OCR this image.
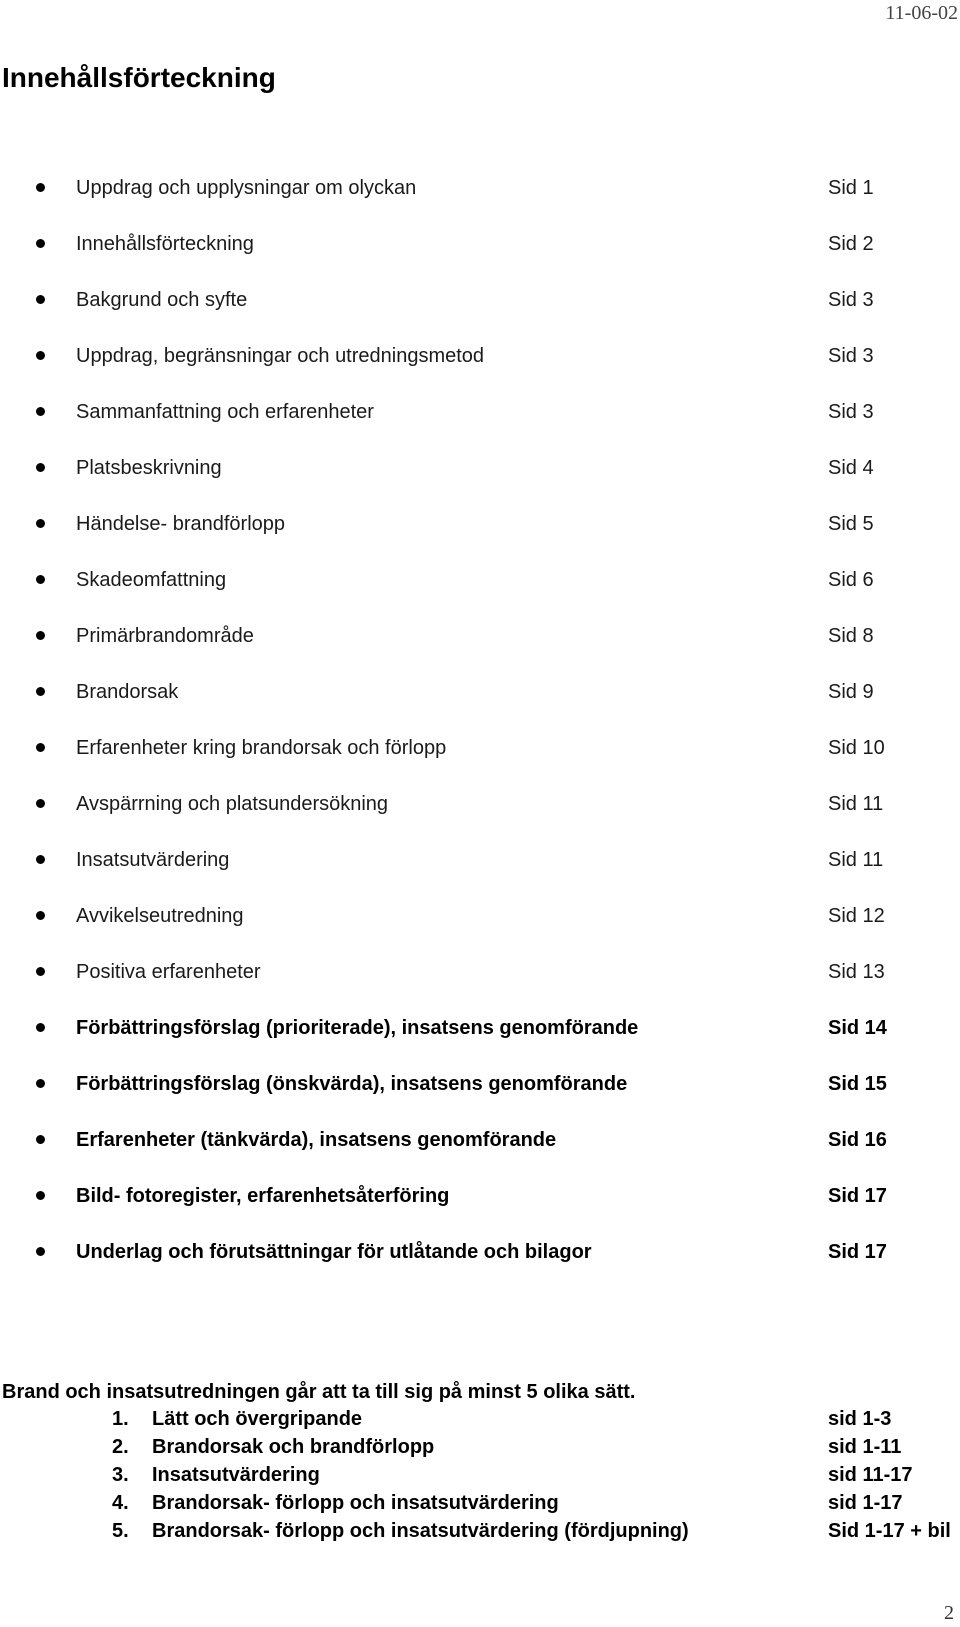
11-06-02
Innehållsförteckning
Uppdrag och upplysningar om olyckan	Sid 1
Innehållsförteckning	Sid 2
Bakgrund och syfte	Sid 3
Uppdrag, begränsningar och utredningsmetod	Sid 3
Sammanfattning och erfarenheter	Sid 3
Platsbeskrivning	Sid 4
Händelse- brandförlopp	Sid 5
Skadeomfattning	Sid 6
Primärbrandområde	Sid 8
Brandorsak	Sid 9
Erfarenheter kring brandorsak och förlopp	Sid 10
Avspärrning och platsundersökning	Sid 11
Insatsutvärdering	Sid 11
Avvikelseutredning	Sid 12
Positiva erfarenheter	Sid 13
Förbättringsförslag (prioriterade), insatsens genomförande	Sid 14
Förbättringsförslag (önskvärda), insatsens genomförande	Sid 15
Erfarenheter (tänkvärda), insatsens genomförande	Sid 16
Bild- fotoregister, erfarenhetsåterföring	Sid 17
Underlag och förutsättningar för utlåtande och bilagor	Sid 17
Brand och insatsutredningen går att ta till sig på minst 5 olika sätt.
1. Lätt och övergripande	sid 1-3
2. Brandorsak och brandförlopp	sid 1-11
3. Insatsutvärdering	sid 11-17
4. Brandorsak- förlopp och insatsutvärdering	sid 1-17
5. Brandorsak- förlopp och insatsutvärdering (fördjupning)	Sid 1-17 + bil
2
